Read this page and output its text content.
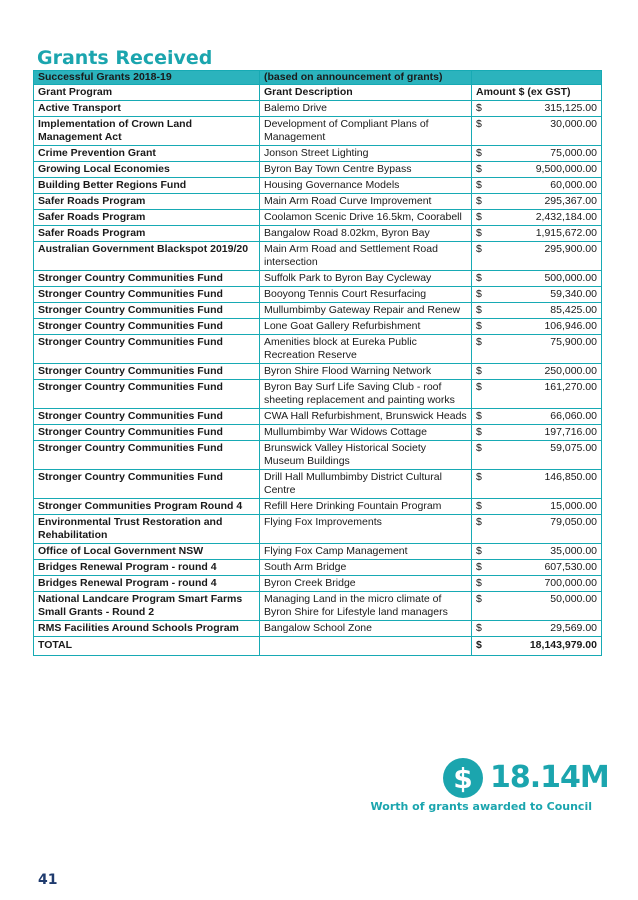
Grants Received
Successful Grants 2018-19	(based on announcement of grants)	
Grant Program	Grant Description	Amount $ (ex GST)
Active Transport	Balemo Drive	$ 315,125.00

Implementation of Crown Land Management Act	Development of Compliant Plans of Management	$ 30,000.00

Crime Prevention Grant	Jonson Street Lighting	$ 75,000.00

Growing Local Economies	Byron Bay Town Centre Bypass	$ 9,500,000.00

Building Better Regions Fund	Housing Governance Models	$ 60,000.00

Safer Roads Program	Main Arm Road Curve Improvement	$ 295,367.00

Safer Roads Program	Coolamon Scenic Drive 16.5km, Coorabell	$ 2,432,184.00

Safer Roads Program	Bangalow Road 8.02km, Byron Bay	$ 1,915,672.00

Australian Government Blackspot 2019/20	Main Arm Road and Settlement Road intersection	$ 295,900.00

Stronger Country Communities Fund	Suffolk Park to Byron Bay Cycleway	$ 500,000.00

Stronger Country Communities Fund	Booyong Tennis Court Resurfacing	$ 59,340.00

Stronger Country Communities Fund	Mullumbimby Gateway Repair and Renew	$ 85,425.00

Stronger Country Communities Fund	Lone Goat Gallery Refurbishment	$ 106,946.00

Stronger Country Communities Fund	Amenities block at Eureka Public Recreation Reserve	$ 75,900.00

Stronger Country Communities Fund	Byron Shire Flood Warning Network	$ 250,000.00

Stronger Country Communities Fund	Byron Bay Surf Life Saving Club - roof sheeting replacement and painting works	$ 161,270.00

Stronger Country Communities Fund	CWA Hall Refurbishment, Brunswick Heads	$ 66,060.00

Stronger Country Communities Fund	Mullumbimby War Widows Cottage	$ 197,716.00

Stronger Country Communities Fund	Brunswick Valley Historical Society Museum Buildings	$ 59,075.00

Stronger Country Communities Fund	Drill Hall Mullumbimby District Cultural Centre	$ 146,850.00

Stronger Communities Program Round 4	Refill Here Drinking Fountain Program	$ 15,000.00

Environmental Trust Restoration and Rehabilitation	Flying Fox Improvements	$ 79,050.00

Office of Local Government NSW	Flying Fox Camp Management	$ 35,000.00

Bridges Renewal Program - round 4	South Arm Bridge	$ 607,530.00

Bridges Renewal Program - round 4	Byron Creek Bridge	$ 700,000.00

National Landcare Program Smart Farms Small Grants - Round 2	Managing Land in the micro climate of Byron Shire for Lifestyle land managers	$ 50,000.00

RMS Facilities Around Schools Program	Bangalow School Zone	$ 29,569.00

TOTAL		$ 18,143,979.00
$ 18.14M

Worth of grants awarded to Council

41
